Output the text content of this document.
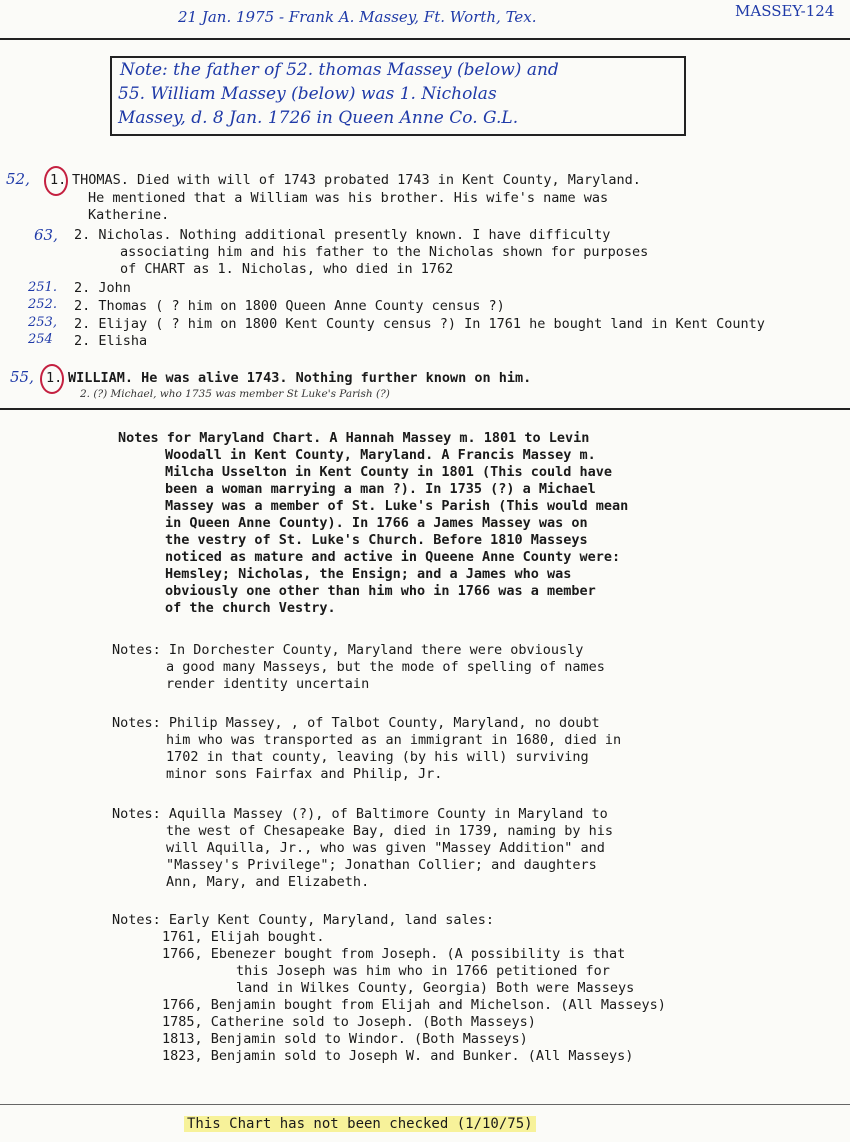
21 Jan. 1975 - Frank A. Massey, Ft. Worth, Tex.	MASSEY-124
Note: the father of 52. thomas Massey (below) and
55. William Massey (below) was 1. Nicholas
Massey, d. 8 Jan. 1726 in Queen Anne Co. G.L.
52, 1. THOMAS. Died with will of 1743 probated 1743 in Kent County, Maryland.
He mentioned that a William was his brother. His wife's name was
Katherine.
63, 2. Nicholas. Nothing additional presently known. I have difficulty
associating him and his father to the Nicholas shown for purposes
of CHART as 1. Nicholas, who died in 1762
251. 2. John
252. 2. Thomas ( ? him on 1800 Queen Anne County census ?)
253, 2. Elijay ( ? him on 1800 Kent County census ?) In 1761 he bought land in Kent County
254 2. Elisha
55, 1. WILLIAM. He was alive 1743. Nothing further known on him.
2. (?) Michael, who 1735 was member St Luke's Parish (?)
Notes for Maryland Chart. A Hannah Massey m. 1801 to Levin
Woodall in Kent County, Maryland. A Francis Massey m.
Milcha Usselton in Kent County in 1801 (This could have
been a woman marrying a man ?). In 1735 (?) a Michael
Massey was a member of St. Luke's Parish (This would mean
in Queen Anne County). In 1766 a James Massey was on
the vestry of St. Luke's Church. Before 1810 Masseys
noticed as mature and active in Queene Anne County were:
Hemsley; Nicholas, the Ensign; and a James who was
obviously one other than him who in 1766 was a member
of the church Vestry.
Notes: In Dorchester County, Maryland there were obviously
a good many Masseys, but the mode of spelling of names
render identity uncertain
Notes: Philip Massey, , of Talbot County, Maryland, no doubt
him who was transported as an immigrant in 1680, died in
1702 in that county, leaving (by his will) surviving
minor sons Fairfax and Philip, Jr.
Notes: Aquilla Massey (?), of Baltimore County in Maryland to
the west of Chesapeake Bay, died in 1739, naming by his
will Aquilla, Jr., who was given "Massey Addition" and
"Massey's Privilege"; Jonathan Collier; and daughters
Ann, Mary, and Elizabeth.
Notes: Early Kent County, Maryland, land sales:
1761, Elijah bought.
1766, Ebenezer bought from Joseph. (A possibility is that
this Joseph was him who in 1766 petitioned for
land in Wilkes County, Georgia) Both were Masseys
1766, Benjamin bought from Elijah and Michelson. (All Masseys)
1785, Catherine sold to Joseph. (Both Masseys)
1813, Benjamin sold to Windor. (Both Masseys)
1823, Benjamin sold to Joseph W. and Bunker. (All Masseys)
This Chart has not been checked (1/10/75)
